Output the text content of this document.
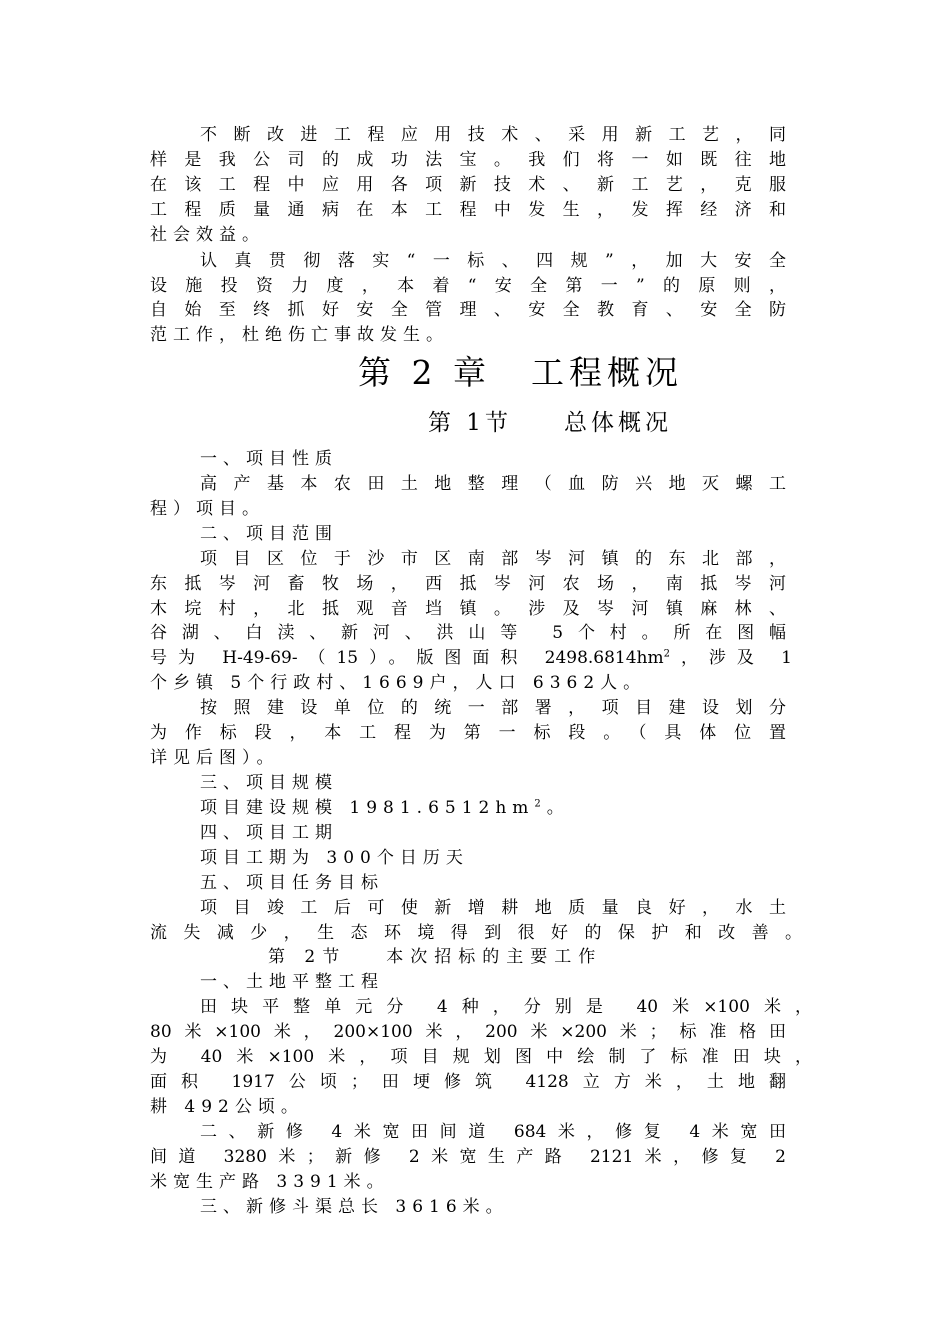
不断改进工程应用技术、采用新工艺，同
样是我公司的成功法宝。我们将一如既往地
在该工程中应用各项新技术、新工艺，克服
工程质量通病在本工程中发生，发挥经济和
社会效益。
认真贯彻落实“一标、四规”，加大安全
设施投资力度，本着“安全第一”的原则，
自始至终抓好安全管理、安全教育、安全防
范工作，杜绝伤亡事故发生。
第 2 章 工程概况
第 1节 总体概况
一、项目性质
高产基本农田土地整理（血防兴地灭螺工
程）项目。
二、项目范围
项目区位于沙市区南部岑河镇的东北部，
东抵岑河畜牧场，西抵岑河农场，南抵岑河
木垸村，北抵观音垱镇。涉及岑河镇麻林、
谷湖、白渎、新河、洪山等 5个村。所在图幅
号为 H-49-69-（15）。版图面积 $2498.6814hm^2$，涉及 1
个乡镇 5个行政村、1669户，人口 6362人。
按照建设单位的统一部署，项目建设划分
为作标段，本工程为第一标段。（具体位置
详见后图）。
三、项目规模
项目建设规模 $1981.6512hm^2$。
四、项目工期
项目工期为 300个日历天
五、项目任务目标
项目竣工后可使新增耕地质量良好，水土
流失减少，生态环境得到很好的保护和改善。
第 2节 本次招标的主要工作
一、土地平整工程
田块平整单元分 4种，分别是 40米×100米，
80米×100米，200×100米，200米×200米；标准格田
为 40米×100米，项目规划图中绘制了标准田块，
面积 1917公顷；田埂修筑 4128立方米，土地翻
耕 492公顷。
二、新修 4米宽田间道 684米，修复 4米宽田
间道 3280米；新修 2米宽生产路 2121米，修复 2
米宽生产路 3391米。
三、新修斗渠总长 3616米。
